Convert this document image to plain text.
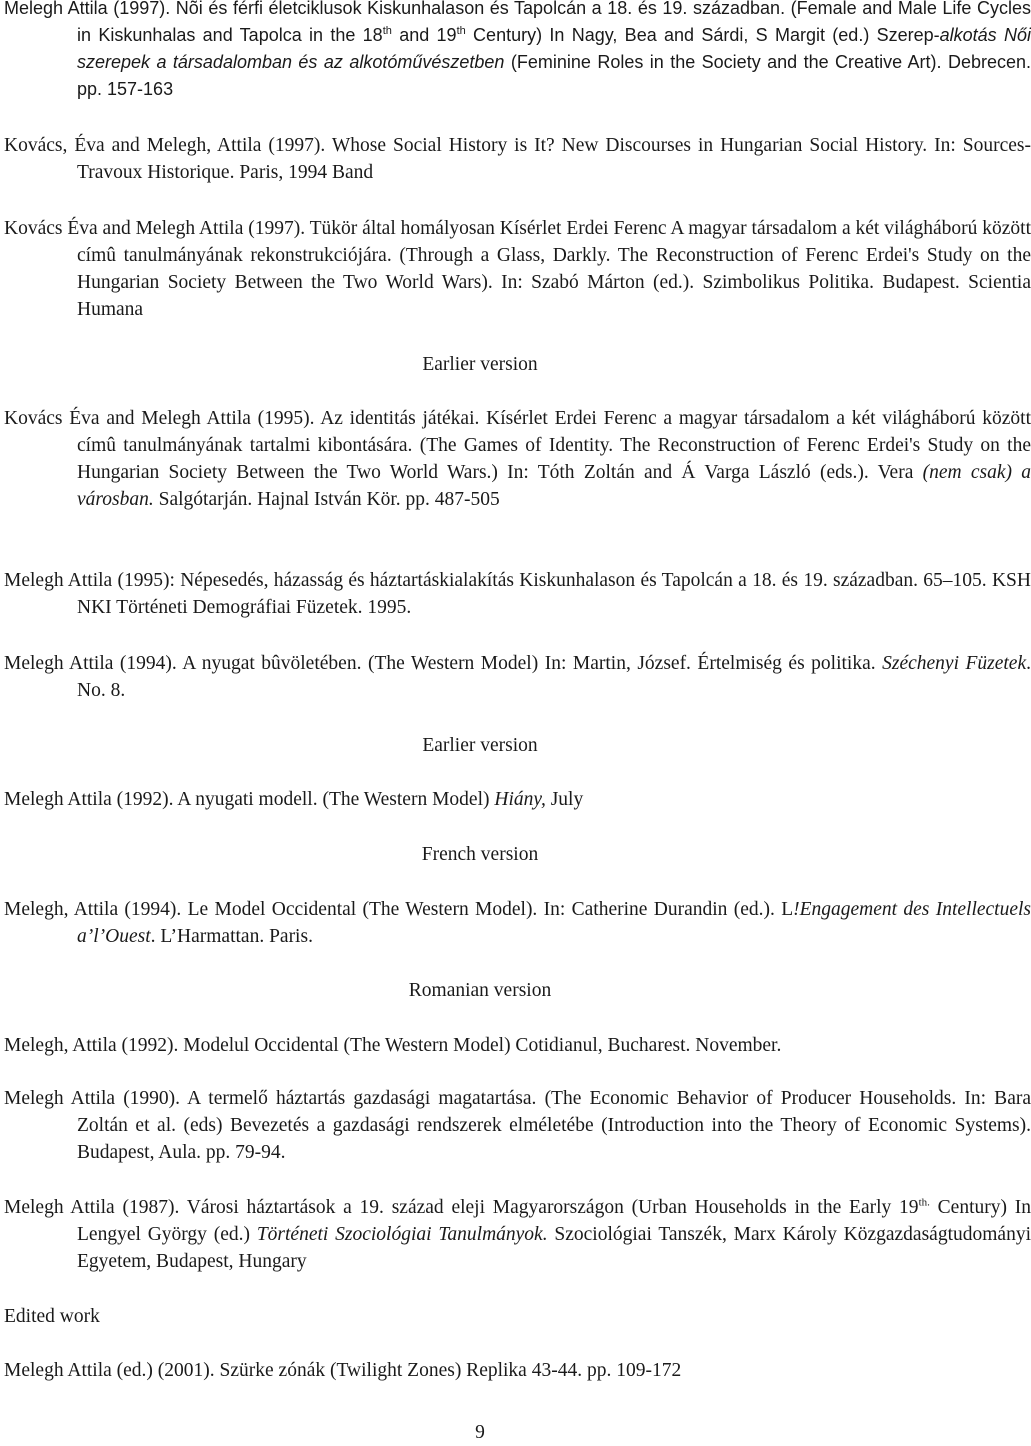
Melegh Attila (1997). Nõi és férfi életciklusok Kiskunhalason és Tapolcán a 18. és 19. században. (Female and Male Life Cycles in Kiskunhalas and Tapolca in the 18th and 19th Century) In Nagy, Bea and Sárdi, S Margit (ed.) Szerep-alkotás Női szerepek a társadalomban és az alkotóművészetben (Feminine Roles in the Society and the Creative Art). Debrecen. pp. 157-163

Kovács, Éva and Melegh, Attila (1997). Whose Social History is It? New Discourses in Hungarian Social History. In: Sources-Travoux Historique. Paris, 1994 Band

Kovács Éva and Melegh Attila (1997). Tükör által homályosan Kísérlet Erdei Ferenc A magyar társadalom a két világháború között címû tanulmányának rekonstrukciójára. (Through a Glass, Darkly. The Reconstruction of Ferenc Erdei's Study on the Hungarian Society Between the Two World Wars). In: Szabó Márton (ed.). Szimbolikus Politika. Budapest. Scientia Humana

Earlier version

Kovács Éva and Melegh Attila (1995). Az identitás játékai. Kísérlet Erdei Ferenc a magyar társadalom a két világháború között címû tanulmányának tartalmi kibontására. (The Games of Identity. The Reconstruction of Ferenc Erdei's Study on the Hungarian Society Between the Two World Wars.) In: Tóth Zoltán and Á Varga László (eds.). Vera (nem csak) a városban. Salgótarján. Hajnal István Kör. pp. 487-505

Melegh Attila (1995): Népesedés, házasság és háztartáskialakítás Kiskunhalason és Tapolcán a 18. és 19. században. 65–105. KSH NKI Történeti Demográfiai Füzetek. 1995.

Melegh Attila (1994). A nyugat bûvöletében. (The Western Model) In: Martin, József. Értelmiség és politika. Széchenyi Füzetek. No. 8.

Earlier version

Melegh Attila (1992). A nyugati modell. (The Western Model) Hiány, July

French version

Melegh, Attila (1994). Le Model Occidental (The Western Model). In: Catherine Durandin (ed.). L!Engagement des Intellectuels a’l’Ouest. L’Harmattan. Paris.

Romanian version

Melegh, Attila (1992). Modelul Occidental (The Western Model) Cotidianul, Bucharest. November.

Melegh Attila (1990). A termelő háztartás gazdasági magatartása. (The Economic Behavior of Producer Households. In: Bara Zoltán et al. (eds) Bevezetés a gazdasági rendszerek elméletébe (Introduction into the Theory of Economic Systems). Budapest, Aula. pp. 79-94.

Melegh Attila (1987). Városi háztartások a 19. század eleji Magyarországon (Urban Households in the Early $19^{th.}$ Century) In Lengyel György (ed.) Történeti Szociológiai Tanulmányok. Szociológiai Tanszék, Marx Károly Közgazdaságtudományi Egyetem, Budapest, Hungary

Edited work

Melegh Attila (ed.) (2001). Szürke zónák (Twilight Zones) Replika 43-44. pp. 109-172

9
